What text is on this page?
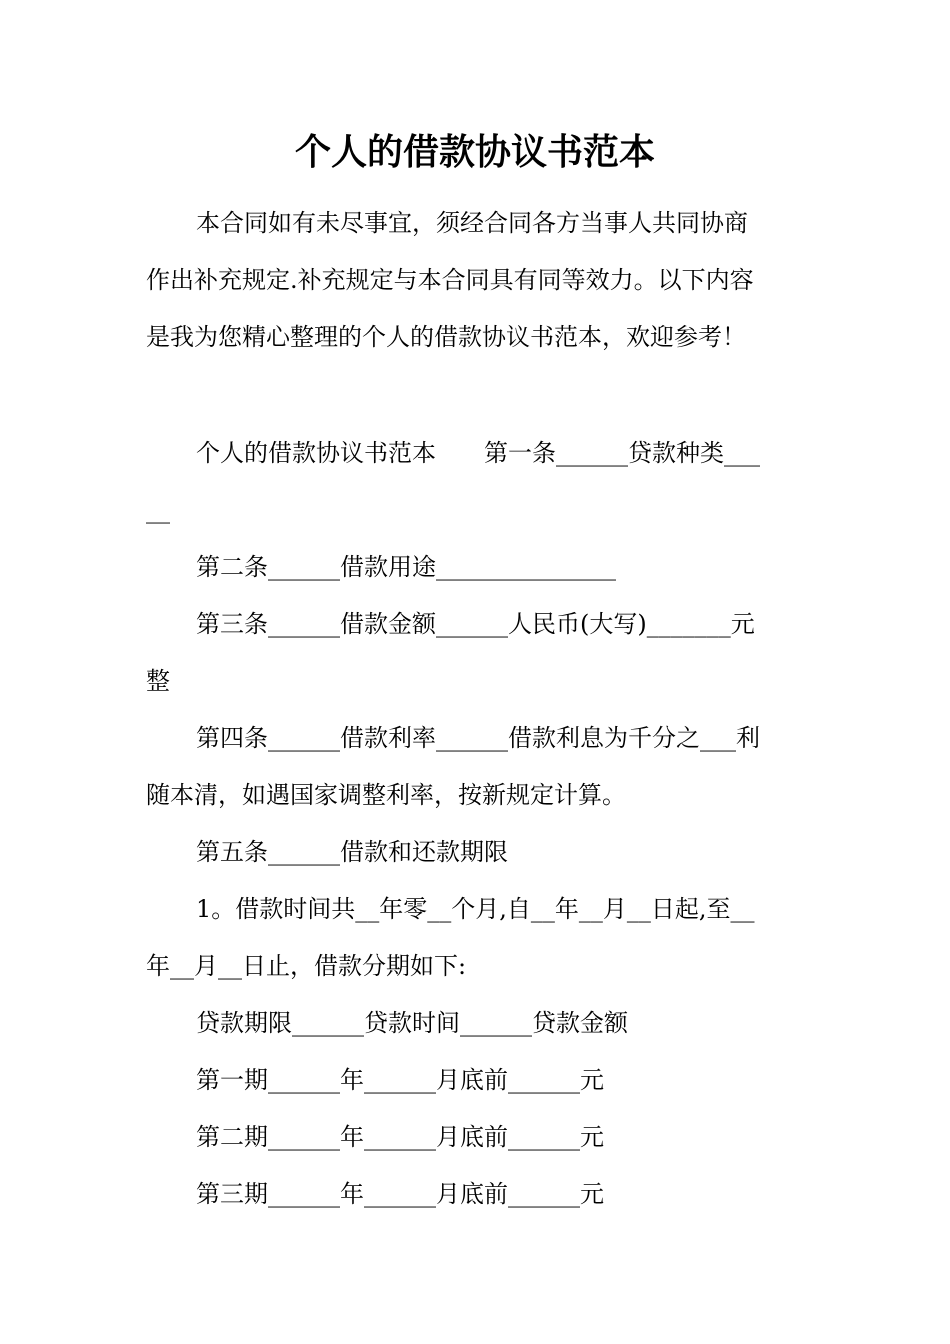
个人的借款协议书范本
本合同如有未尽事宜，须经合同各方当事人共同协商
作出补充规定.补充规定与本合同具有同等效力。以下内容
是我为您精心整理的个人的借款协议书范本，欢迎参考！
个人的借款协议书范本　　第一条______贷款种类___
__
第二条______借款用途_______________
第三条______借款金额______人民币(大写)_______元
整
第四条______借款利率______借款利息为千分之___利
随本清，如遇国家调整利率，按新规定计算。
第五条______借款和还款期限
1。借款时间共__年零__个月,自__年__月__日起,至__
年__月__日止，借款分期如下:
贷款期限______贷款时间______贷款金额
第一期______年______月底前______元
第二期______年______月底前______元
第三期______年______月底前______元
